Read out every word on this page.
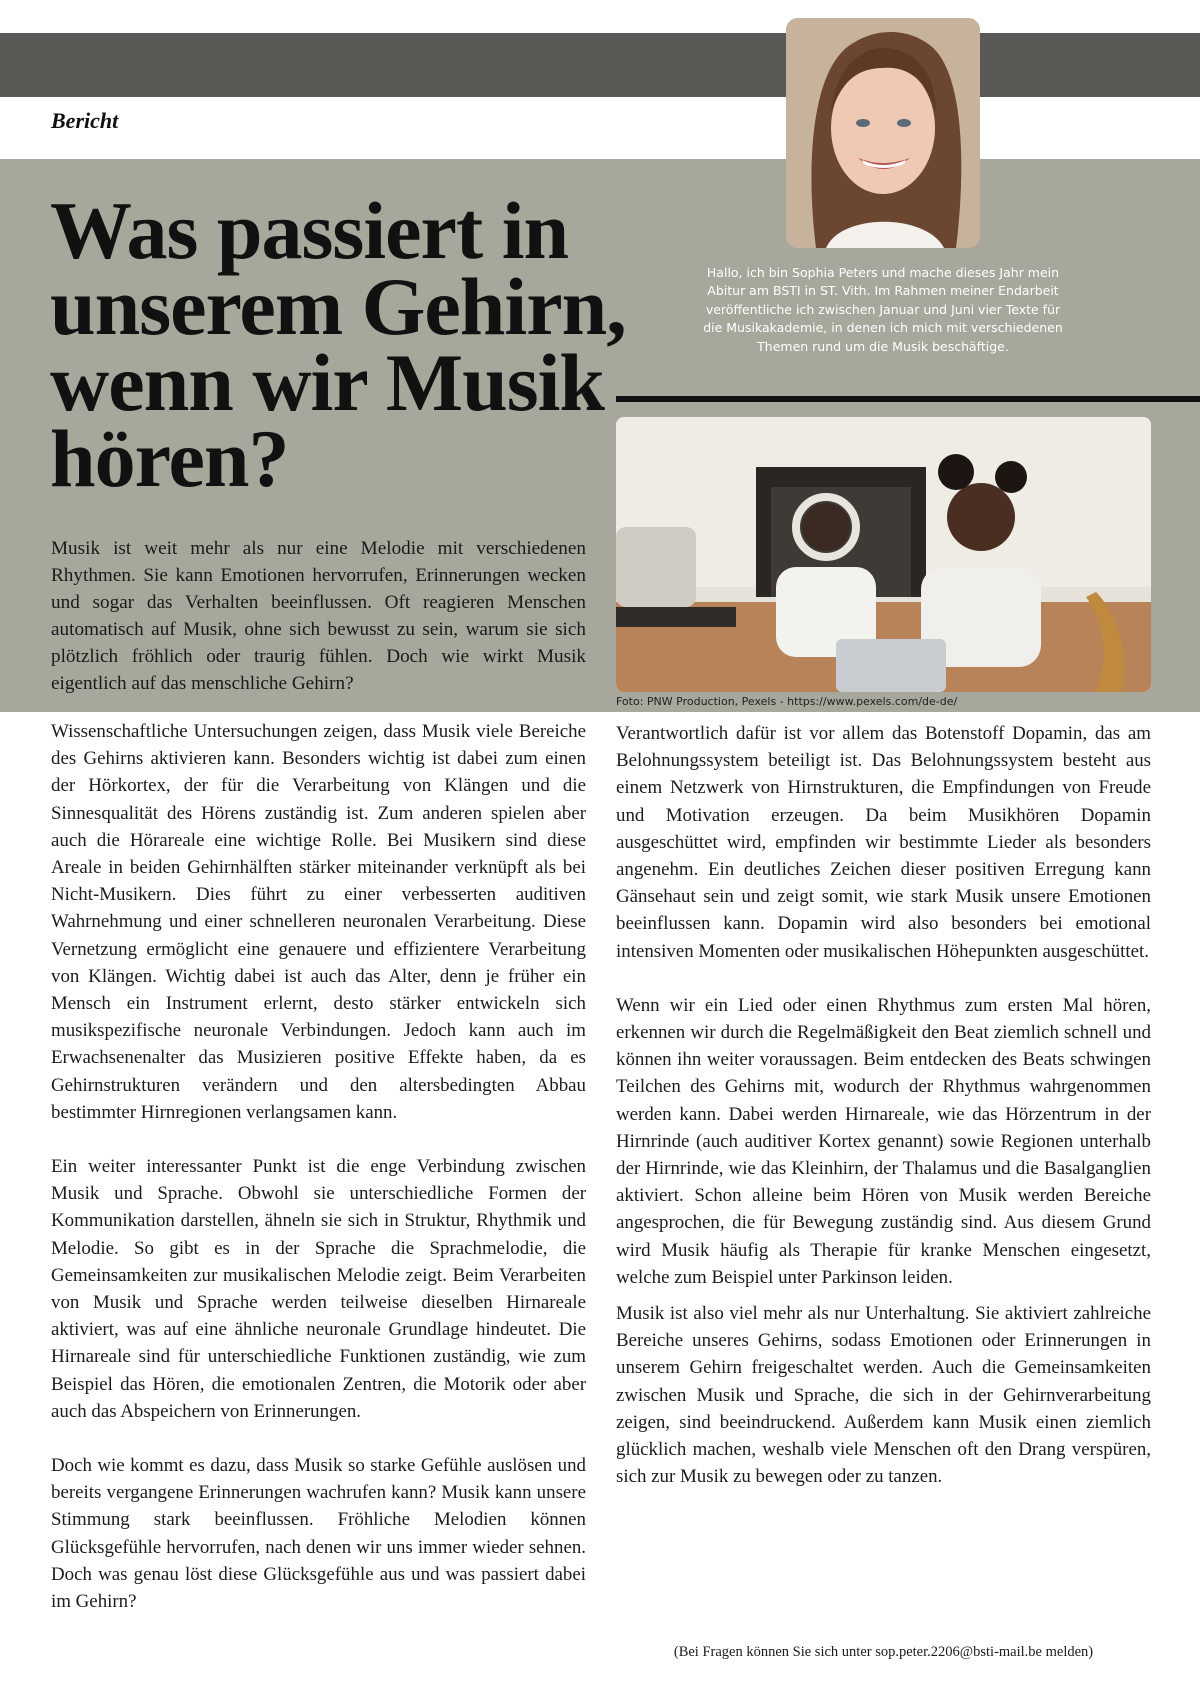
Bericht
Was passiert in unserem Gehirn, wenn wir Musik hören?

Musik ist weit mehr als nur eine Melodie mit verschiedenen Rhythmen. Sie kann Emotionen hervorrufen, Erinnerungen wecken und sogar das Verhalten beeinflussen. Oft reagieren Menschen automatisch auf Musik, ohne sich bewusst zu sein, warum sie sich plötzlich fröhlich oder traurig fühlen. Doch wie wirkt Musik eigentlich auf das menschliche Gehirn?

Hallo, ich bin Sophia Peters und mache dieses Jahr mein Abitur am BSTI in ST. Vith. Im Rahmen meiner Endarbeit veröffentliche ich zwischen Januar und Juni vier Texte für die Musikakademie, in denen ich mich mit verschiedenen Themen rund um die Musik beschäftige.

Foto: PNW Production, Pexels - https://www.pexels.com/de-de/

Wissenschaftliche Untersuchungen zeigen, dass Musik viele Bereiche des Gehirns aktivieren kann. Besonders wichtig ist dabei zum einen der Hörkortex, der für die Verarbeitung von Klängen und die Sinnesqualität des Hörens zuständig ist. Zum anderen spielen aber auch die Hörareale eine wichtige Rolle. Bei Musikern sind diese Areale in beiden Gehirnhälften stärker miteinander verknüpft als bei Nicht-Musikern. Dies führt zu einer verbesserten auditiven Wahrnehmung und einer schnelleren neuronalen Verarbeitung. Diese Vernetzung ermöglicht eine genauere und effizientere Verarbeitung von Klängen. Wichtig dabei ist auch das Alter, denn je früher ein Mensch ein Instrument erlernt, desto stärker entwickeln sich musikspezifische neuronale Verbindungen. Jedoch kann auch im Erwachsenenalter das Musizieren positive Effekte haben, da es Gehirnstrukturen verändern und den altersbedingten Abbau bestimmter Hirnregionen verlangsamen kann.

Ein weiter interessanter Punkt ist die enge Verbindung zwischen Musik und Sprache. Obwohl sie unterschiedliche Formen der Kommunikation darstellen, ähneln sie sich in Struktur, Rhythmik und Melodie. So gibt es in der Sprache die Sprachmelodie, die Gemeinsamkeiten zur musikalischen Melodie zeigt. Beim Verarbeiten von Musik und Sprache werden teilweise dieselben Hirnareale aktiviert, was auf eine ähnliche neuronale Grundlage hindeutet. Die Hirnareale sind für unterschiedliche Funktionen zuständig, wie zum Beispiel das Hören, die emotionalen Zentren, die Motorik oder aber auch das Abspeichern von Erinnerungen.

Doch wie kommt es dazu, dass Musik so starke Gefühle auslösen und bereits vergangene Erinnerungen wachrufen kann? Musik kann unsere Stimmung stark beeinflussen. Fröhliche Melodien können Glücksgefühle hervorrufen, nach denen wir uns immer wieder sehnen. Doch was genau löst diese Glücksgefühle aus und was passiert dabei im Gehirn?

Verantwortlich dafür ist vor allem das Botenstoff Dopamin, das am Belohnungssystem beteiligt ist. Das Belohnungssystem besteht aus einem Netzwerk von Hirnstrukturen, die Empfindungen von Freude und Motivation erzeugen. Da beim Musikhören Dopamin ausgeschüttet wird, empfinden wir bestimmte Lieder als besonders angenehm. Ein deutliches Zeichen dieser positiven Erregung kann Gänsehaut sein und zeigt somit, wie stark Musik unsere Emotionen beeinflussen kann. Dopamin wird also besonders bei emotional intensiven Momenten oder musikalischen Höhepunkten ausgeschüttet.

Wenn wir ein Lied oder einen Rhythmus zum ersten Mal hören, erkennen wir durch die Regelmäßigkeit den Beat ziemlich schnell und können ihn weiter voraussagen. Beim entdecken des Beats schwingen Teilchen des Gehirns mit, wodurch der Rhythmus wahrgenommen werden kann. Dabei werden Hirnareale, wie das Hörzentrum in der Hirnrinde (auch auditiver Kortex genannt) sowie Regionen unterhalb der Hirnrinde, wie das Kleinhirn, der Thalamus und die Basalganglien aktiviert. Schon alleine beim Hören von Musik werden Bereiche angesprochen, die für Bewegung zuständig sind. Aus diesem Grund wird Musik häufig als Therapie für kranke Menschen eingesetzt, welche zum Beispiel unter Parkinson leiden.

Musik ist also viel mehr als nur Unterhaltung. Sie aktiviert zahlreiche Bereiche unseres Gehirns, sodass Emotionen oder Erinnerungen in unserem Gehirn freigeschaltet werden. Auch die Gemeinsamkeiten zwischen Musik und Sprache, die sich in der Gehirnverarbeitung zeigen, sind beeindruckend. Außerdem kann Musik einen ziemlich glücklich machen, weshalb viele Menschen oft den Drang verspüren, sich zur Musik zu bewegen oder zu tanzen.

(Bei Fragen können Sie sich unter sop.peter.2206@bsti-mail.be melden)
